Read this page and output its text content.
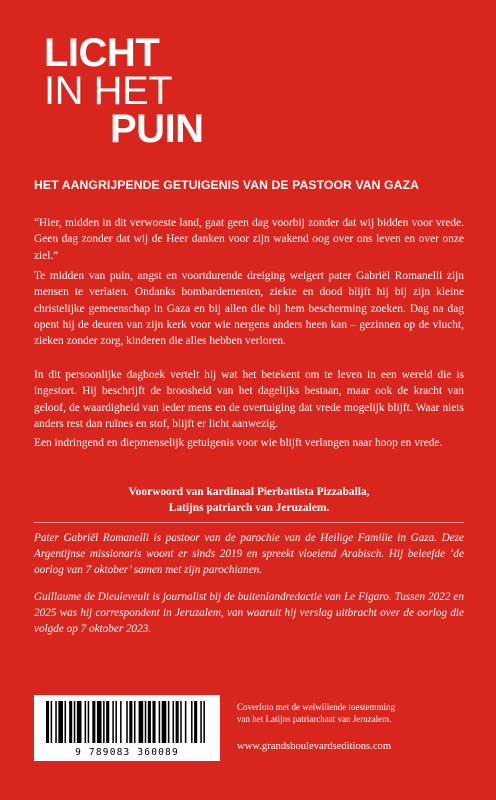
LICHT
IN HET
PUIN
HET AANGRIJPENDE GETUIGENIS VAN DE PASTOOR VAN GAZA

“Hier, midden in dit verwoeste land, gaat geen dag voorbij zonder dat wij bidden voor vrede. Geen dag zonder dat wij de Heer danken voor zijn wakend oog over ons leven en over onze ziel.”

Te midden van puin, angst en voortdurende dreiging weigert pater Gabriël Romanelli zijn mensen te verlaten. Ondanks bombardementen, ziekte en dood blijft hij bij zijn kleine christelijke gemeenschap in Gaza en bij allen die bij hem bescherming zoeken. Dag na dag opent hij de deuren van zijn kerk voor wie nergens anders heen kan – gezinnen op de vlucht, zieken zonder zorg, kinderen die alles hebben verloren.

In dit persoonlijke dagboek vertelt hij wat het betekent om te leven in een wereld die is ingestort. Hij beschrijft de broosheid van het dagelijks bestaan, maar ook de kracht van geloof, de waardigheid van ieder mens en de overtuiging dat vrede mogelijk blijft. Waar niets anders rest dan ruïnes en stof, blijft er licht aanwezig.

Een indringend en diepmenselijk getuigenis voor wie blijft verlangen naar hoop en vrede.

Voorwoord van kardinaal Pierbattista Pizzaballa,
Latijns patriarch van Jeruzalem.
Pater Gabriël Romanelli is pastoor van de parochie van de Heilige Familie in Gaza. Deze Argentijnse missionaris woont er sinds 2019 en spreekt vloeiend Arabisch. Hij beleefde ‘de oorlog van 7 oktober’ samen met zijn parochianen.
Guillaume de Dieuleveult is journalist bij de buitenlandredactie van Le Figaro. Tussen 2022 en 2025 was hij correspondent in Jeruzalem, van waaruit hij verslag uitbracht over de oorlog die volgde op 7 oktober 2023.
9 789083 360089
Coverfoto met de welwillende toestemming
van het Latijns patriarchaat van Jeruzalem.
www.grandsboulevardseditions.com
